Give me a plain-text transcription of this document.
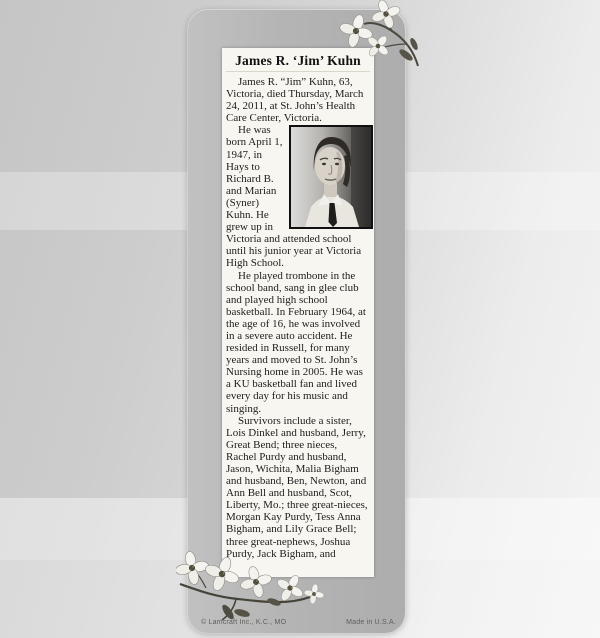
James R. ‘Jim’ Kuhn

James R. “Jim” Kuhn, 63, Victoria, died Thursday, March 24, 2011, at St. John’s Health Care Center, Victoria.

He was born April 1, 1947, in Hays to Richard B. and Marian (Syner) Kuhn. He grew up in Victoria and attended school until his junior year at Victoria High School.

He played trombone in the school band, sang in glee club and played high school basketball. In February 1964, at the age of 16, he was involved in a severe auto accident. He resided in Russell, for many years and moved to St. John’s Nursing home in 2005. He was a KU basketball fan and lived every day for his music and singing.

Survivors include a sister, Lois Dinkel and husband, Jerry, Great Bend; three nieces, Rachel Purdy and husband, Jason, Wichita, Malia Bigham and husband, Ben, Newton, and Ann Bell and husband, Scot, Liberty, Mo.; three great-nieces, Morgan Kay Purdy, Tess Anna Bigham, and Lily Grace Bell; three great-nephews, Joshua Purdy, Jack Bigham, and

© Lamcraft Inc., K.C., MO	Made in U.S.A.
